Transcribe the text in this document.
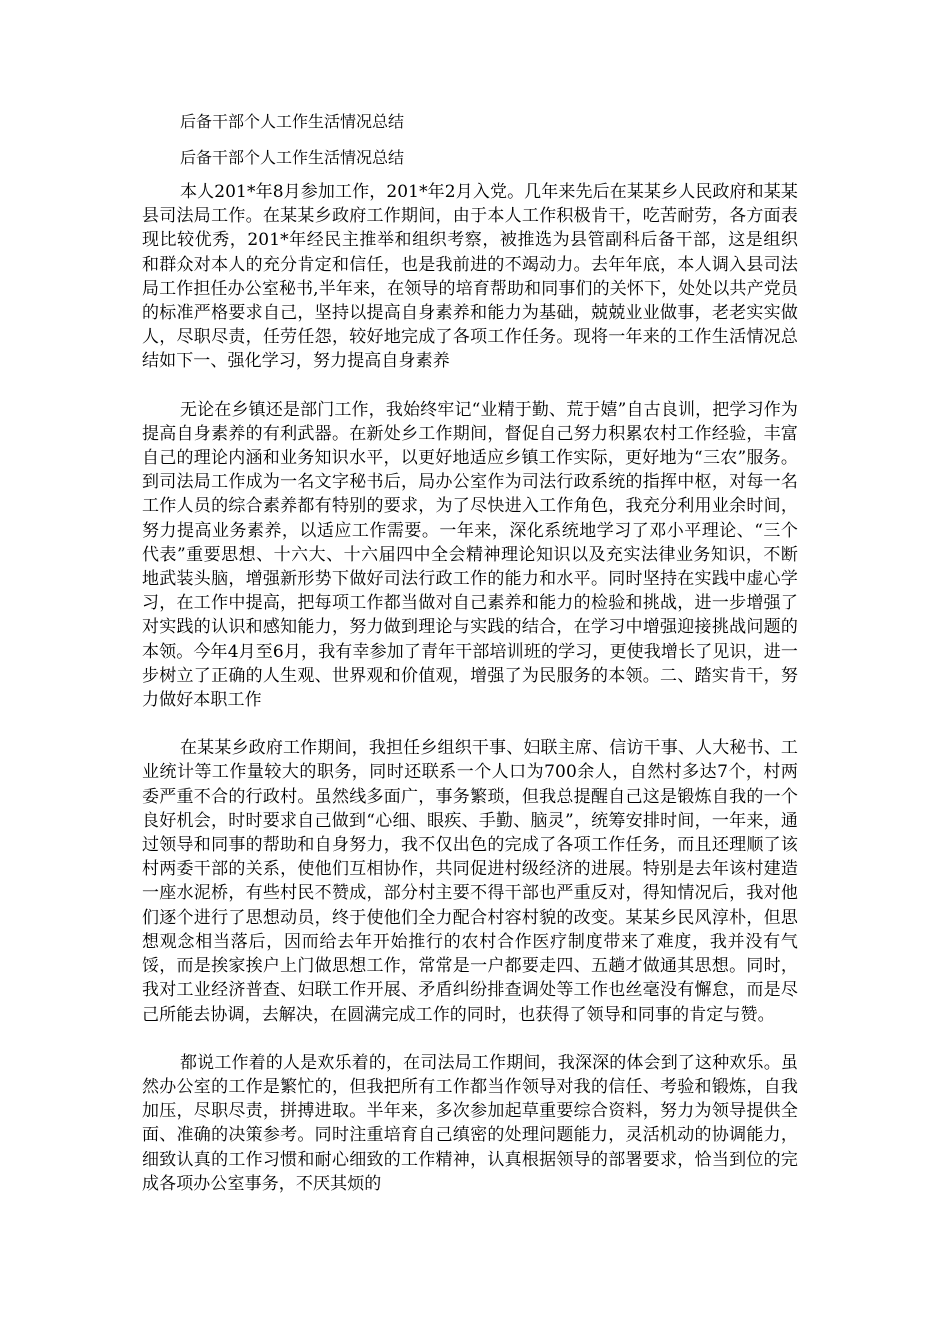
后备干部个人工作生活情况总结

后备干部个人工作生活情况总结

本人201*年8月参加工作，201*年2月入党。几年来先后在某某乡人民政府和某某县司法局工作。在某某乡政府工作期间，由于本人工作积极肯干，吃苦耐劳，各方面表现比较优秀，201*年经民主推举和组织考察，被推选为县管副科后备干部，这是组织和群众对本人的充分肯定和信任，也是我前进的不竭动力。去年年底，本人调入县司法局工作担任办公室秘书,半年来，在领导的培育帮助和同事们的关怀下，处处以共产党员的标准严格要求自己，坚持以提高自身素养和能力为基础，兢兢业业做事，老老实实做人，尽职尽责，任劳任怨，较好地完成了各项工作任务。现将一年来的工作生活情况总结如下一、强化学习，努力提高自身素养

无论在乡镇还是部门工作，我始终牢记“业精于勤、荒于嬉”自古良训，把学习作为提高自身素养的有利武器。在新处乡工作期间，督促自己努力积累农村工作经验，丰富自己的理论内涵和业务知识水平，以更好地适应乡镇工作实际，更好地为“三农”服务。到司法局工作成为一名文字秘书后，局办公室作为司法行政系统的指挥中枢，对每一名工作人员的综合素养都有特别的要求，为了尽快进入工作角色，我充分利用业余时间，努力提高业务素养，以适应工作需要。一年来，深化系统地学习了邓小平理论、“三个代表”重要思想、十六大、十六届四中全会精神理论知识以及充实法律业务知识，不断地武装头脑，增强新形势下做好司法行政工作的能力和水平。同时坚持在实践中虚心学习，在工作中提高，把每项工作都当做对自己素养和能力的检验和挑战，进一步增强了对实践的认识和感知能力，努力做到理论与实践的结合，在学习中增强迎接挑战问题的本领。今年4月至6月，我有幸参加了青年干部培训班的学习，更使我增长了见识，进一步树立了正确的人生观、世界观和价值观，增强了为民服务的本领。二、踏实肯干，努力做好本职工作

在某某乡政府工作期间，我担任乡组织干事、妇联主席、信访干事、人大秘书、工业统计等工作量较大的职务，同时还联系一个人口为700余人，自然村多达7个，村两委严重不合的行政村。虽然线多面广，事务繁琐，但我总提醒自己这是锻炼自我的一个良好机会，时时要求自己做到“心细、眼疾、手勤、脑灵”，统筹安排时间，一年来，通过领导和同事的帮助和自身努力，我不仅出色的完成了各项工作任务，而且还理顺了该村两委干部的关系，使他们互相协作，共同促进村级经济的进展。特别是去年该村建造一座水泥桥，有些村民不赞成，部分村主要不得干部也严重反对，得知情况后，我对他们逐个进行了思想动员，终于使他们全力配合村容村貌的改变。某某乡民风淳朴，但思想观念相当落后，因而给去年开始推行的农村合作医疗制度带来了难度，我并没有气馁，而是挨家挨户上门做思想工作，常常是一户都要走四、五趟才做通其思想。同时，我对工业经济普查、妇联工作开展、矛盾纠纷排查调处等工作也丝毫没有懈怠，而是尽己所能去协调，去解决，在圆满完成工作的同时，也获得了领导和同事的肯定与赞。

都说工作着的人是欢乐着的，在司法局工作期间，我深深的体会到了这种欢乐。虽然办公室的工作是繁忙的，但我把所有工作都当作领导对我的信任、考验和锻炼，自我加压，尽职尽责，拼搏进取。半年来，多次参加起草重要综合资料，努力为领导提供全面、准确的决策参考。同时注重培育自己缜密的处理问题能力，灵活机动的协调能力，细致认真的工作习惯和耐心细致的工作精神，认真根据领导的部署要求，恰当到位的完成各项办公室事务，不厌其烦的
